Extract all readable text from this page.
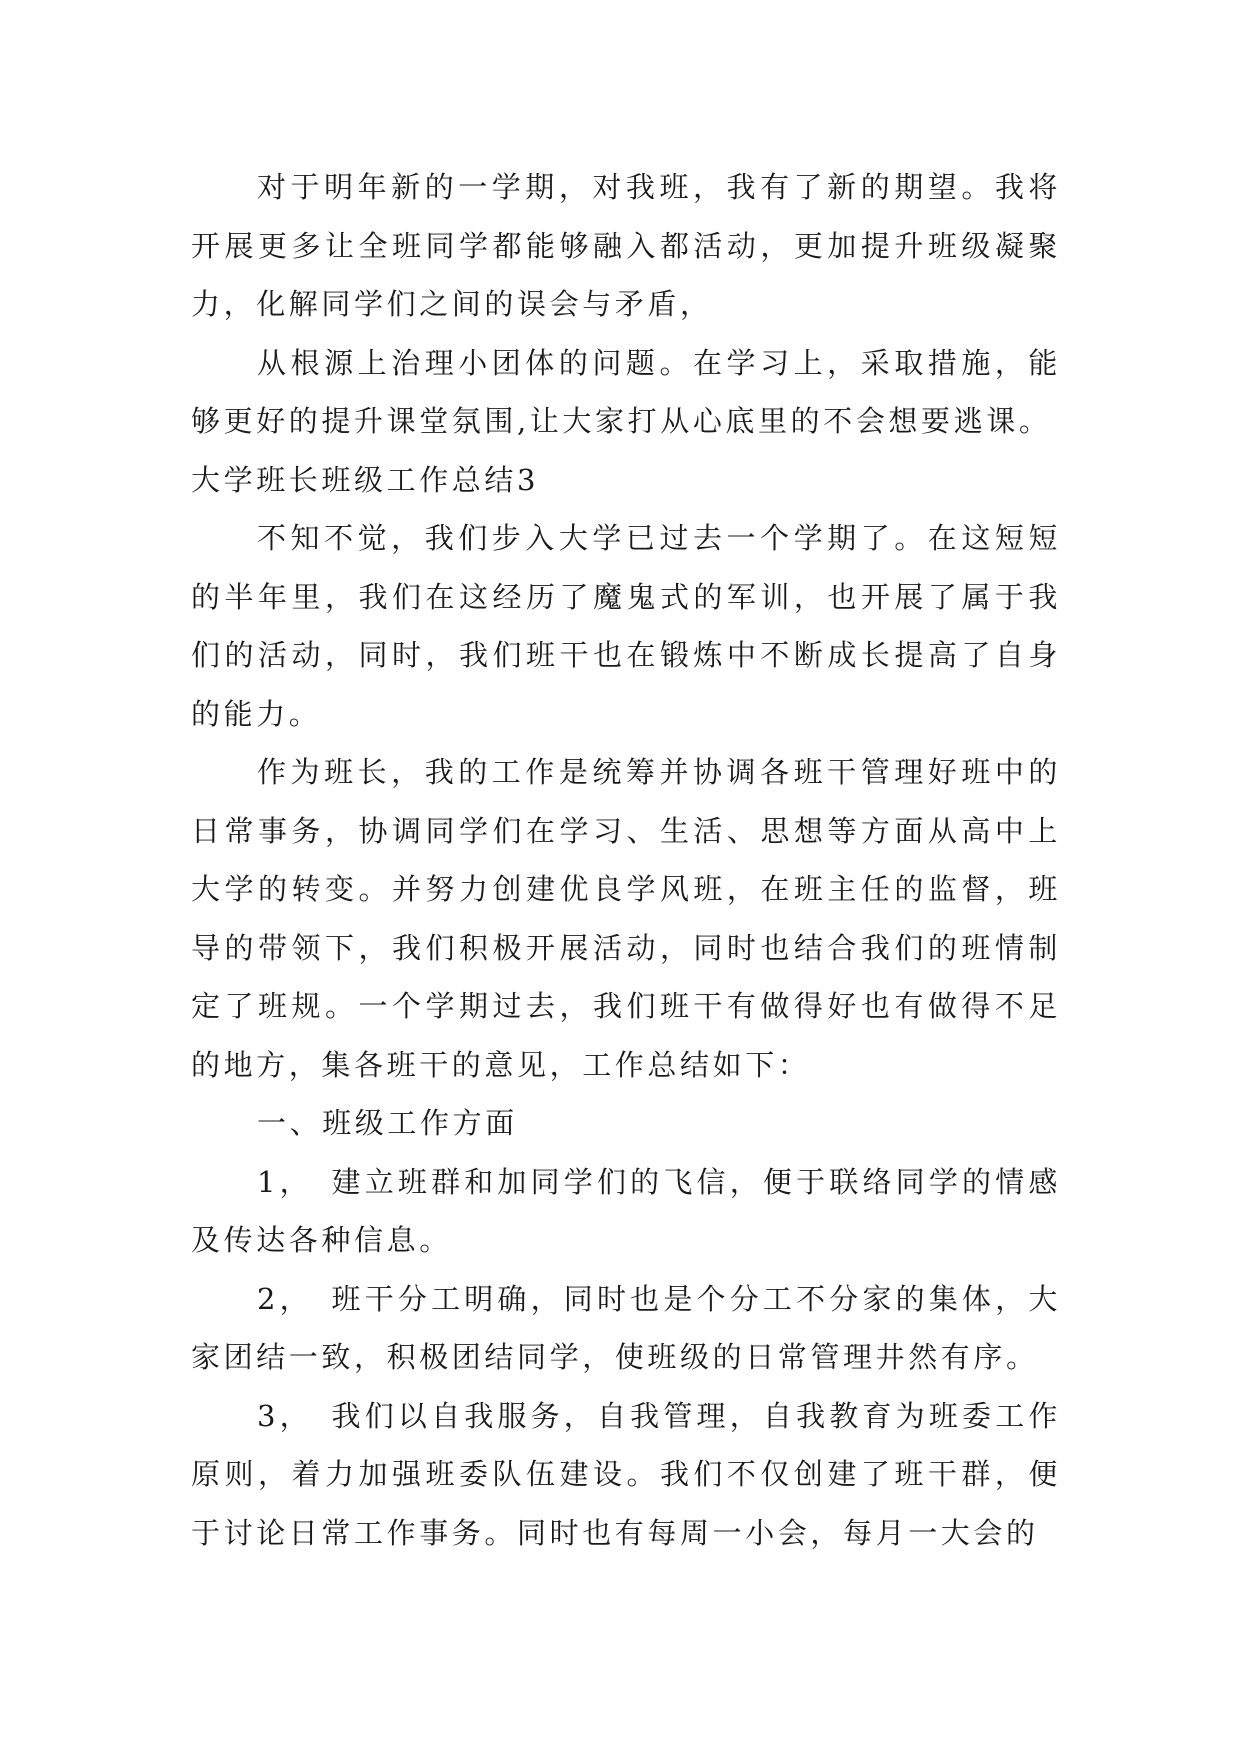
对于明年新的一学期，对我班，我有了新的期望。我将开展更多让全班同学都能够融入都活动，更加提升班级凝聚力，化解同学们之间的误会与矛盾，

从根源上治理小团体的问题。在学习上，采取措施，能够更好的提升课堂氛围,让大家打从心底里的不会想要逃课。

大学班长班级工作总结3

不知不觉，我们步入大学已过去一个学期了。在这短短的半年里，我们在这经历了魔鬼式的军训，也开展了属于我们的活动，同时，我们班干也在锻炼中不断成长提高了自身的能力。

作为班长，我的工作是统筹并协调各班干管理好班中的日常事务，协调同学们在学习、生活、思想等方面从高中上大学的转变。并努力创建优良学风班，在班主任的监督，班导的带领下，我们积极开展活动，同时也结合我们的班情制定了班规。一个学期过去，我们班干有做得好也有做得不足的地方，集各班干的意见，工作总结如下：

一、班级工作方面

1，　建立班群和加同学们的飞信，便于联络同学的情感及传达各种信息。

2，　班干分工明确，同时也是个分工不分家的集体，大家团结一致，积极团结同学，使班级的日常管理井然有序。

3，　我们以自我服务，自我管理，自我教育为班委工作原则，着力加强班委队伍建设。我们不仅创建了班干群，便于讨论日常工作事务。同时也有每周一小会，每月一大会的
